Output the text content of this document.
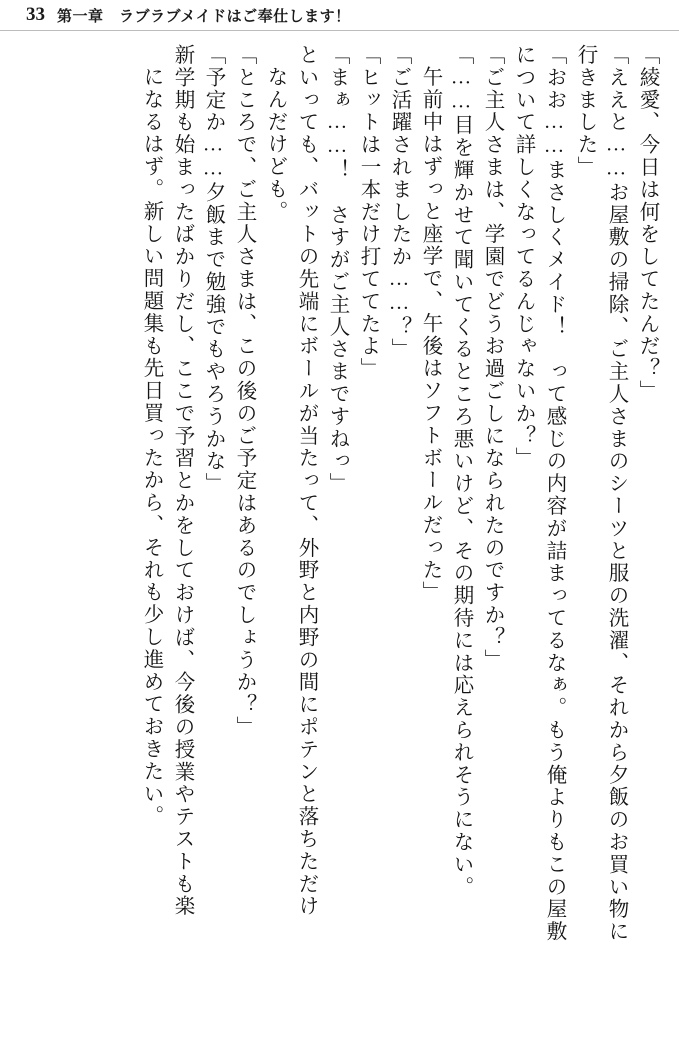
33 第一章　ラブラブメイドはご奉仕します！
「綾愛、今日は何をしてたんだ？」
「ええと……お屋敷の掃除、ご主人さまのシーツと服の洗濯、それから夕飯のお買い物に
行きました」
「おお……まさしくメイド！　って感じの内容が詰まってるなぁ。もう俺よりもこの屋敷
について詳しくなってるんじゃないか？」
「ご主人さまは、学園でどうお過ごしになられたのですか？」
「……目を輝かせて聞いてくるところ悪いけど、その期待には応えられそうにない。
午前中はずっと座学で、午後はソフトボールだった」
「ご活躍されましたか……？」
「ヒットは一本だけ打ててたよ」
「まぁ……！　さすがご主人さまですねっ」
といっても、バットの先端にボールが当たって、外野と内野の間にポテンと落ちただけ
なんだけども。
「ところで、ご主人さまは、この後のご予定はあるのでしょうか？」
「予定か……夕飯まで勉強でもやろうかな」
新学期も始まったばかりだし、ここで予習とかをしておけば、今後の授業やテストも楽
になるはず。新しい問題集も先日買ったから、それも少し進めておきたい。
